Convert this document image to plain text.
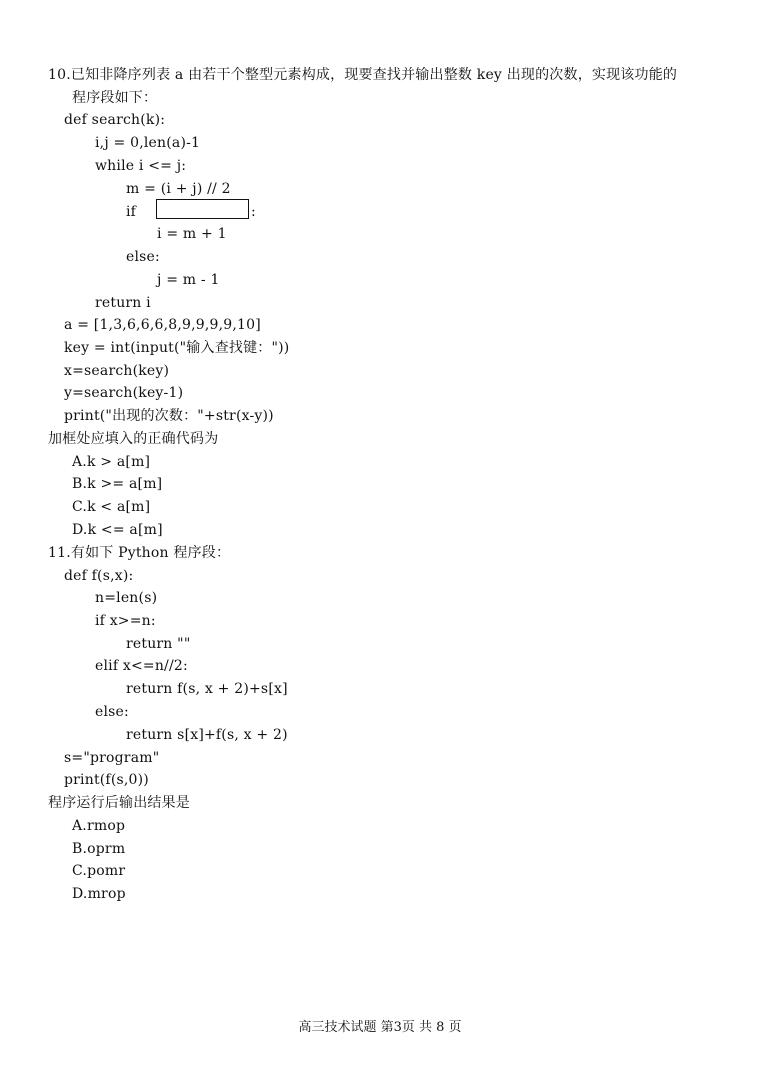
10.已知非降序列表 a 由若干个整型元素构成，现要查找并输出整数 key 出现的次数，实现该功能的
程序段如下：
def search(k):
i,j = 0,len(a)-1
while i <= j:
m = (i + j) // 2
if	:
i = m + 1
else:
j = m - 1
return i
a = [1,3,6,6,6,8,9,9,9,9,10]
key = int(input("输入查找键："))
x=search(key)
y=search(key-1)
print("出现的次数："+str(x-y))
加框处应填入的正确代码为
A.k > a[m]
B.k >= a[m]
C.k < a[m]
D.k <= a[m]
11.有如下 Python 程序段：
def f(s,x):
n=len(s)
if x>=n:
return ""
elif x<=n//2:
return f(s, x + 2)+s[x]
else:
return s[x]+f(s, x + 2)
s="program"
print(f(s,0))
程序运行后输出结果是
A.rmop
B.oprm
C.pomr
D.mrop
高三技术试题 第3页 共 8 页
